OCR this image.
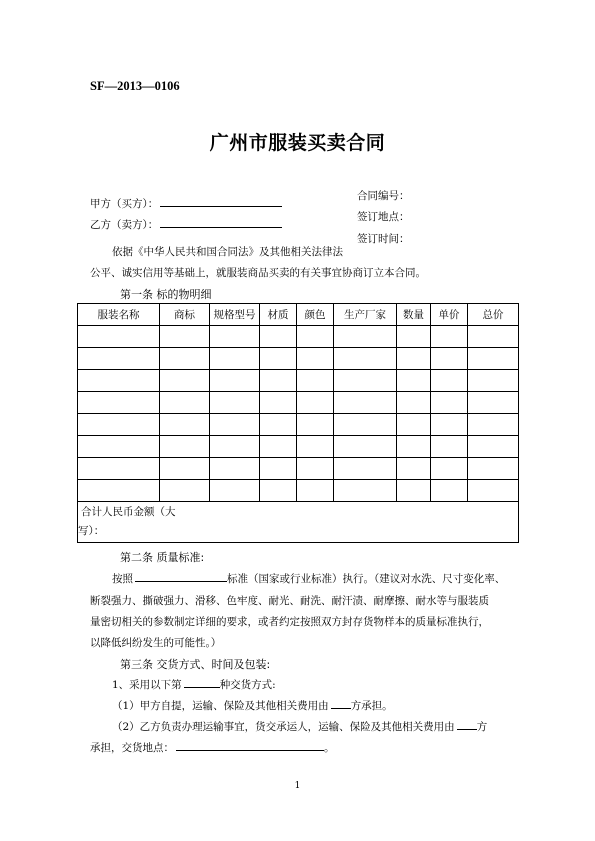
SF—2013—0106
广州市服装买卖合同
甲方（买方）：
乙方（卖方）：
合同编号：
签订地点：
签订时间：
依据《中华人民共和国合同法》及其他相关法律法
公平、诚实信用等基础上，就服装商品买卖的有关事宜协商订立本合同。
第一条 标的物明细
服装名称	商标	规格型号	材质	颜色	生产厂家	数量	单价	总价

合计人民币金额（大
写）：								
第二条 质量标准:
按照	标准（国家或行业标准）执行。（建议对水洗、尺寸变化率、
断裂强力、撕破强力、滑移、色牢度、耐光、耐洗、耐汗渍、耐摩擦、耐水等与服装质
量密切相关的参数制定详细的要求，或者约定按照双方封存货物样本的质量标准执行，
以降低纠纷发生的可能性。）
第三条 交货方式、时间及包装:
1、采用以下第	种交货方式:
（1）甲方自提，运输、保险及其他相关费用由 方承担。
（2）乙方负责办理运输事宜，货交承运人，运输、保险及其他相关费用由 方
承担，交货地点：	。
1
